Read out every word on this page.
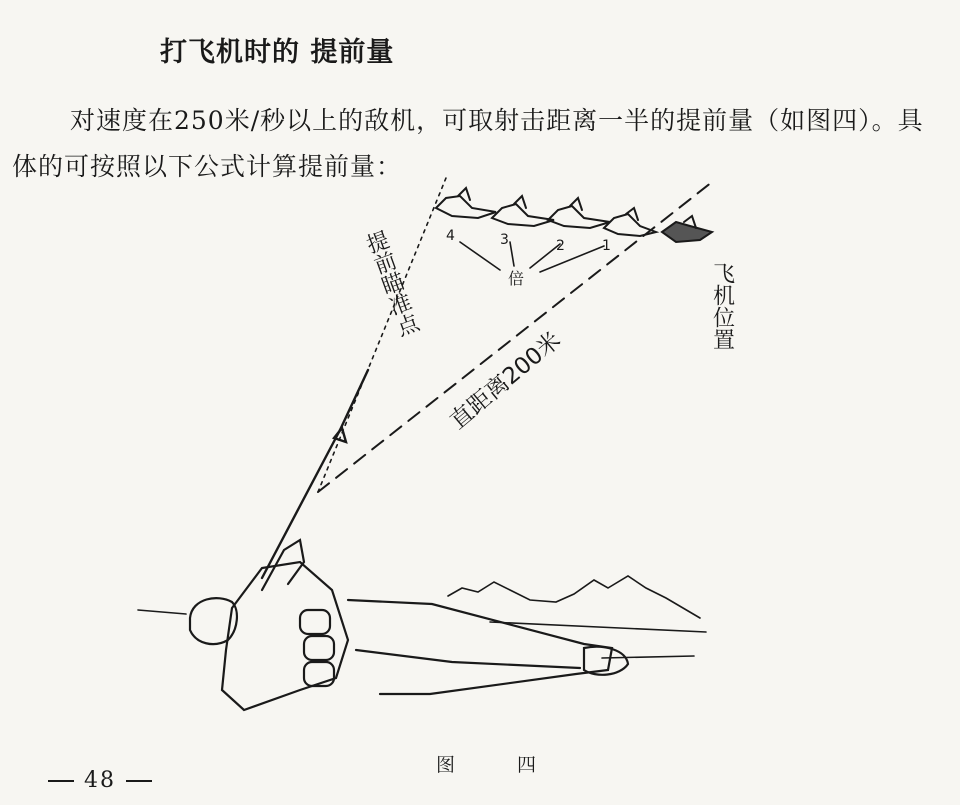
打飞机时的 提前量
对速度在250米/秒以上的敌机，可取射击距离一半的提前量（如图四）。具体的可按照以下公式计算提前量：
提前瞄准点
直距离200米
飞机位置
倍
4	3	2	1
图 四
48
